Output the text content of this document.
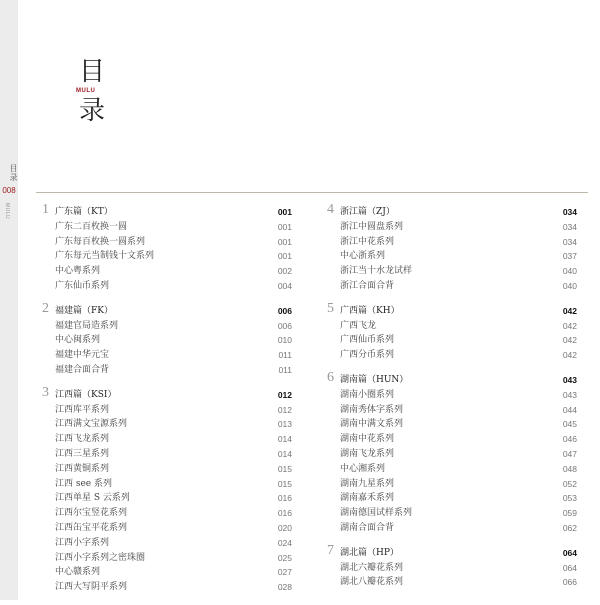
目录
008
MULU
目
MULU
录
1 广东篇（KT）	001
广东二百枚换一圆	001
广东每百枚换一圆系列	001
广东每元当制钱十文系列	001
中心粤系列	002
广东仙币系列	004
2 福建篇（FK）	006
福建官局造系列	006
中心闽系列	010
福建中华元宝	011
福建合面合背	011
3 江西篇（KSI）	012
江西库平系列	012
江西满文宝源系列	013
江西飞龙系列	014
江西三星系列	014
江西黄铜系列	015
江西 see 系列	015
江西单星 S 云系列	016
江西尔宝竖花系列	016
江西缶宝平花系列	020
江西小字系列	024
江西小字系列之密珠圈	025
中心赣系列	027
江西大写阴平系列	028
4 浙江篇（ZJ）	034
浙江中圆盘系列	034
浙江中花系列	034
中心浙系列	037
浙江当十水龙试样	040
浙江合面合背	040
5 广西篇（KH）	042
广西飞龙	042
广西仙币系列	042
广西分币系列	042
6 湖南篇（HUN）	043
湖南小圈系列	043
湖南秀体字系列	044
湖南中满文系列	045
湖南中花系列	046
湖南飞龙系列	047
中心湘系列	048
湖南九星系列	052
湖南嘉禾系列	053
湖南德国试样系列	059
湖南合面合背	062
7 湖北篇（HP）	064
湖北六瓣花系列	064
湖北八瓣花系列	066
